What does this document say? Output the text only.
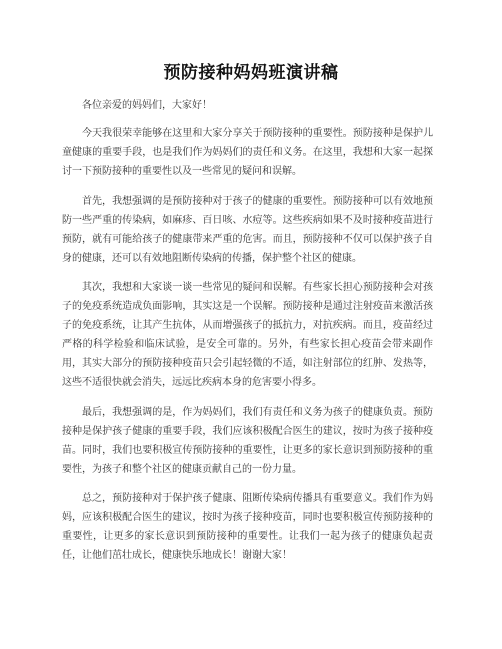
预防接种妈妈班演讲稿

各位亲爱的妈妈们，大家好！

今天我很荣幸能够在这里和大家分享关于预防接种的重要性。预防接种是保护儿童健康的重要手段，也是我们作为妈妈们的责任和义务。在这里，我想和大家一起探讨一下预防接种的重要性以及一些常见的疑问和误解。

首先，我想强调的是预防接种对于孩子的健康的重要性。预防接种可以有效地预防一些严重的传染病，如麻疹、百日咳、水痘等。这些疾病如果不及时接种疫苗进行预防，就有可能给孩子的健康带来严重的危害。而且，预防接种不仅可以保护孩子自身的健康，还可以有效地阻断传染病的传播，保护整个社区的健康。

其次，我想和大家谈一谈一些常见的疑问和误解。有些家长担心预防接种会对孩子的免疫系统造成负面影响，其实这是一个误解。预防接种是通过注射疫苗来激活孩子的免疫系统，让其产生抗体，从而增强孩子的抵抗力，对抗疾病。而且，疫苗经过严格的科学检验和临床试验，是安全可靠的。另外，有些家长担心疫苗会带来副作用，其实大部分的预防接种疫苗只会引起轻微的不适，如注射部位的红肿、发热等，这些不适很快就会消失，远远比疾病本身的危害要小得多。

最后，我想强调的是，作为妈妈们，我们有责任和义务为孩子的健康负责。预防接种是保护孩子健康的重要手段，我们应该积极配合医生的建议，按时为孩子接种疫苗。同时，我们也要积极宣传预防接种的重要性，让更多的家长意识到预防接种的重要性，为孩子和整个社区的健康贡献自己的一份力量。

总之，预防接种对于保护孩子健康、阻断传染病传播具有重要意义。我们作为妈妈，应该积极配合医生的建议，按时为孩子接种疫苗，同时也要积极宣传预防接种的重要性，让更多的家长意识到预防接种的重要性。让我们一起为孩子的健康负起责任，让他们茁壮成长，健康快乐地成长！谢谢大家！
